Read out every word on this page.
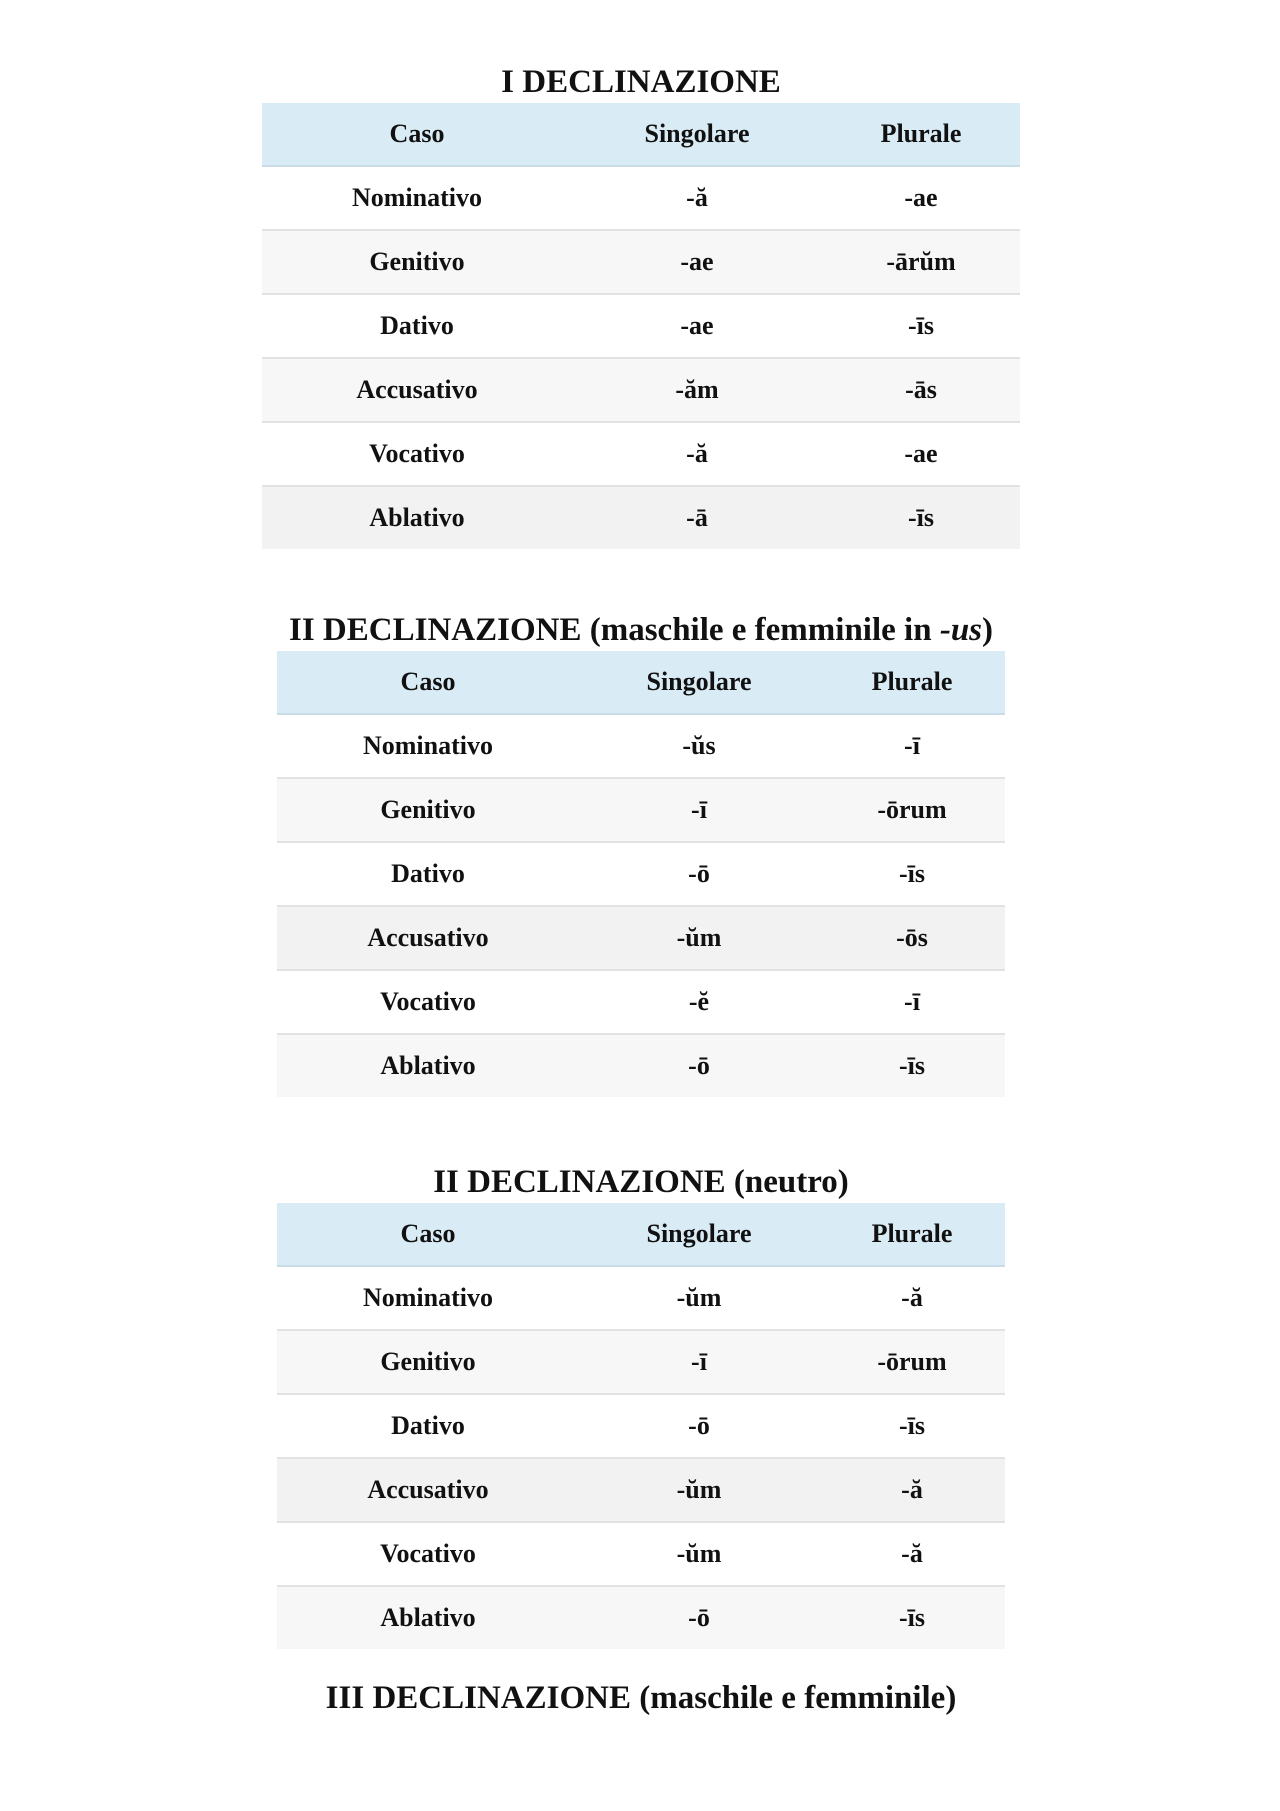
I DECLINAZIONE
Caso	Singolare	Plurale
Nominativo	-ă	-ae
Genitivo	-ae	-ārŭm
Dativo	-ae	-īs
Accusativo	-ăm	-ās
Vocativo	-ă	-ae
Ablativo	-ā	-īs
II DECLINAZIONE (maschile e femminile in -us)
Caso	Singolare	Plurale
Nominativo	-ŭs	-ī
Genitivo	-ī	-ōrum
Dativo	-ō	-īs
Accusativo	-ŭm	-ōs
Vocativo	-ĕ	-ī
Ablativo	-ō	-īs
II DECLINAZIONE (neutro)
Caso	Singolare	Plurale
Nominativo	-ŭm	-ă
Genitivo	-ī	-ōrum
Dativo	-ō	-īs
Accusativo	-ŭm	-ă
Vocativo	-ŭm	-ă
Ablativo	-ō	-īs
III DECLINAZIONE (maschile e femminile)
